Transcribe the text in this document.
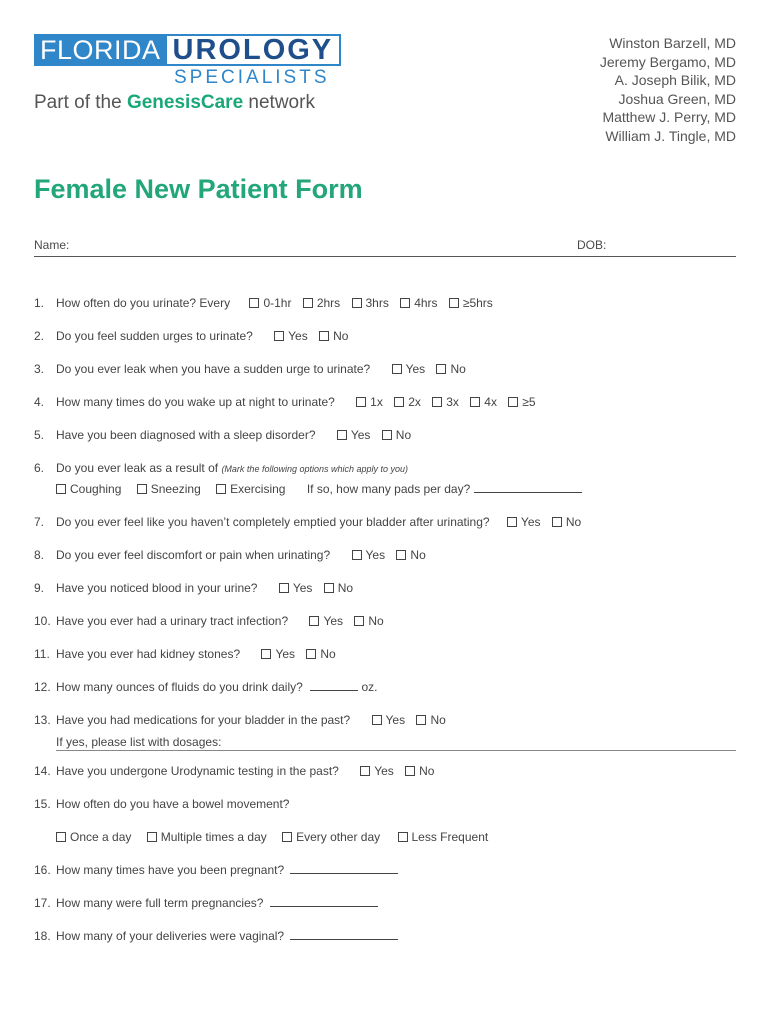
FLORIDA UROLOGY
SPECIALISTS
Part of the GenesisCare network
Winston Barzell, MD
Jeremy Bergamo, MD
A. Joseph Bilik, MD
Joshua Green, MD
Matthew J. Perry, MD
William J. Tingle, MD
Female New Patient Form
Name:	DOB:
1. How often do you urinate? Every	0-1hr 2hrs 3hrs 4hrs ≥5hrs
2. Do you feel sudden urges to urinate?	Yes No
3. Do you ever leak when you have a sudden urge to urinate?	Yes No
4. How many times do you wake up at night to urinate?	1x 2x 3x 4x ≥5
5. Have you been diagnosed with a sleep disorder?	Yes No
6. Do you ever leak as a result of (Mark the following options which apply to you)
Coughing Sneezing Exercising If so, how many pads per day?
7. Do you ever feel like you haven’t completely emptied your bladder after urinating?	Yes No
8. Do you ever feel discomfort or pain when urinating?	Yes No
9. Have you noticed blood in your urine?	Yes No
10. Have you ever had a urinary tract infection?	Yes No
11. Have you ever had kidney stones?	Yes No
12. How many ounces of fluids do you drink daily?	oz.
13. Have you had medications for your bladder in the past?	Yes No
If yes, please list with dosages:
14. Have you undergone Urodynamic testing in the past?	Yes No
15. How often do you have a bowel movement?
Once a day Multiple times a day Every other day	Less Frequent
16. How many times have you been pregnant?
17. How many were full term pregnancies?
18. How many of your deliveries were vaginal?
